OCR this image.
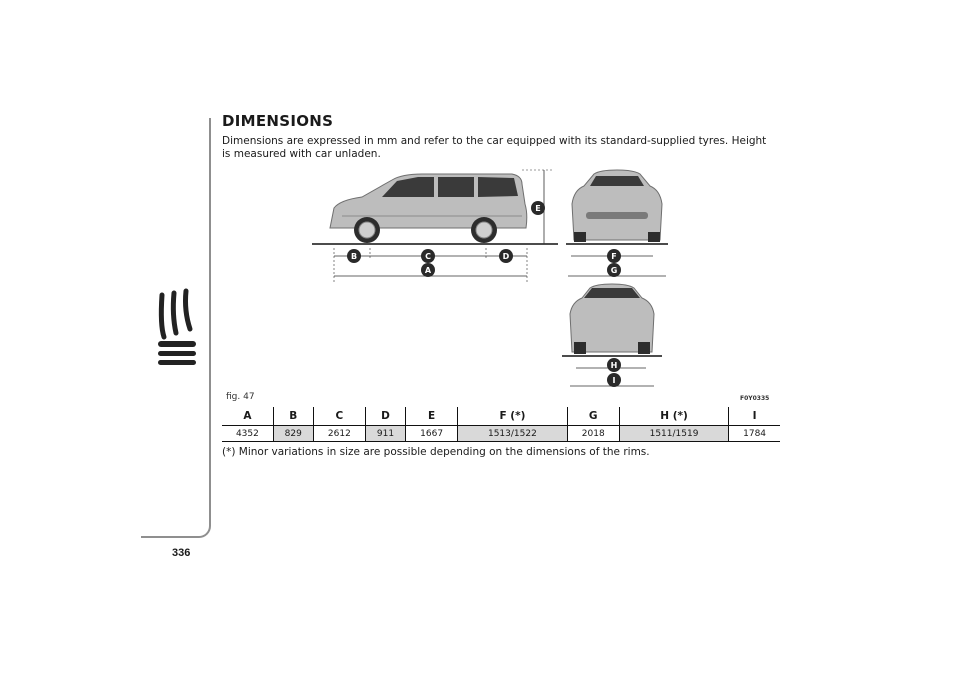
DIMENSIONS
Dimensions are expressed in mm and refer to the car equipped with its standard-supplied tyres. Height is measured with car unladen.
E
B	C	D
A
F
G
H
I
fig. 47	F0Y0335
A	B	C	D	E	F (*)	G	H (*)	I
4352	829	2612	911	1667	1513/1522	2018	1511/1519	1784
(*) Minor variations in size are possible depending on the dimensions of the rims.
336
